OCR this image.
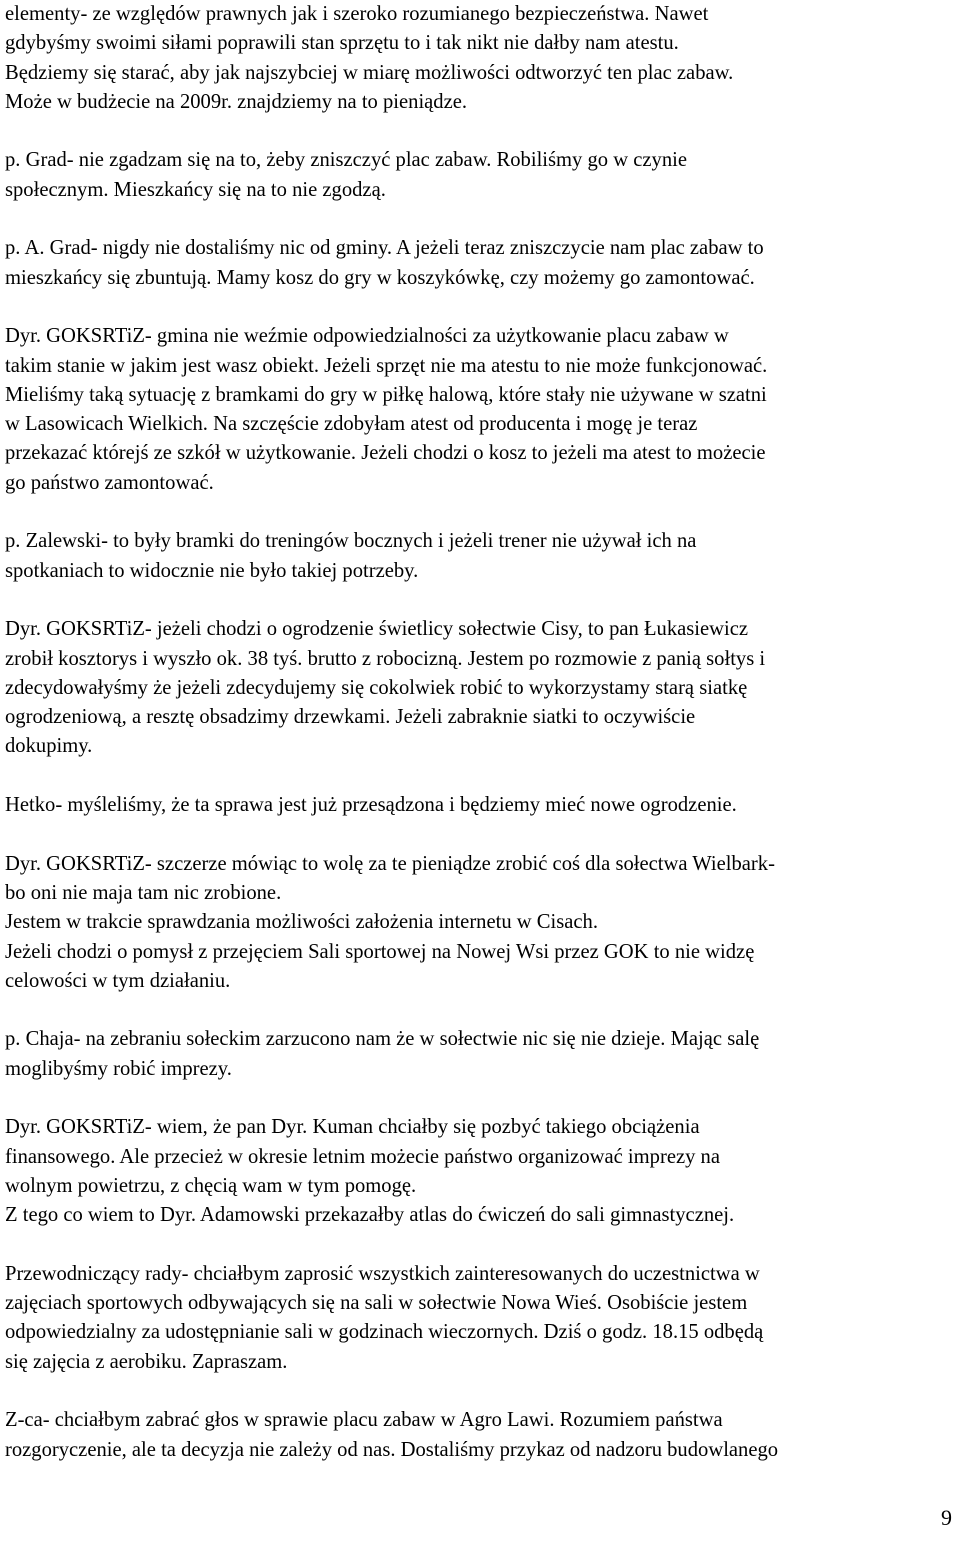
elementy- ze względów prawnych jak i szeroko rozumianego bezpieczeństwa. Nawet
gdybyśmy swoimi siłami poprawili stan sprzętu to i tak nikt nie dałby nam atestu.
Będziemy się starać, aby jak najszybciej w miarę możliwości odtworzyć ten plac zabaw.
Może w budżecie na 2009r. znajdziemy na to pieniądze.
p. Grad- nie zgadzam się na to, żeby zniszczyć plac zabaw. Robiliśmy go w czynie
społecznym. Mieszkańcy się na to nie zgodzą.
p. A. Grad- nigdy nie dostaliśmy nic od gminy. A jeżeli teraz zniszczycie nam plac zabaw to
mieszkańcy się zbuntują. Mamy kosz do gry w koszykówkę, czy możemy go zamontować.
Dyr. GOKSRTiZ- gmina nie weźmie odpowiedzialności za użytkowanie placu zabaw w
takim stanie w jakim jest wasz obiekt. Jeżeli sprzęt nie ma atestu to nie może funkcjonować.
Mieliśmy taką sytuację z bramkami do gry w piłkę halową, które stały nie używane w szatni
w Lasowicach Wielkich. Na szczęście zdobyłam atest od producenta i mogę je teraz
przekazać którejś ze szkół w użytkowanie. Jeżeli chodzi o kosz to jeżeli ma atest to możecie
go państwo zamontować.
p. Zalewski- to były bramki do treningów bocznych i jeżeli trener nie używał ich na
spotkaniach to widocznie nie było takiej potrzeby.
Dyr. GOKSRTiZ- jeżeli chodzi o ogrodzenie świetlicy sołectwie Cisy, to pan Łukasiewicz
zrobił kosztorys i wyszło ok. 38 tyś. brutto z robocizną. Jestem po rozmowie z panią sołtys i
zdecydowałyśmy że jeżeli zdecydujemy się cokolwiek robić to wykorzystamy starą siatkę
ogrodzeniową, a resztę obsadzimy drzewkami. Jeżeli zabraknie siatki to oczywiście
dokupimy.
Hetko- myśleliśmy, że ta sprawa jest już przesądzona i będziemy mieć nowe ogrodzenie.
Dyr. GOKSRTiZ- szczerze mówiąc to wolę za te pieniądze zrobić coś dla sołectwa Wielbark-
bo oni nie maja tam nic zrobione.
Jestem w trakcie sprawdzania możliwości założenia internetu w Cisach.
Jeżeli chodzi o pomysł z przejęciem Sali sportowej na Nowej Wsi przez GOK to nie widzę
celowości w tym działaniu.
p. Chaja- na zebraniu sołeckim zarzucono nam że w sołectwie nic się nie dzieje. Mając salę
moglibyśmy robić imprezy.
Dyr. GOKSRTiZ- wiem, że pan Dyr. Kuman chciałby się pozbyć takiego obciążenia
finansowego. Ale przecież w okresie letnim możecie państwo organizować imprezy na
wolnym powietrzu, z chęcią wam w tym pomogę.
Z tego co wiem to Dyr. Adamowski przekazałby atlas do ćwiczeń do sali gimnastycznej.
Przewodniczący rady- chciałbym zaprosić wszystkich zainteresowanych do uczestnictwa w
zajęciach sportowych odbywających się na sali w sołectwie Nowa Wieś. Osobiście jestem
odpowiedzialny za udostępnianie sali w godzinach wieczornych. Dziś o godz. 18.15 odbędą
się zajęcia z aerobiku. Zapraszam.
Z-ca- chciałbym zabrać głos w sprawie placu zabaw w Agro Lawi. Rozumiem państwa
rozgoryczenie, ale ta decyzja nie zależy od nas. Dostaliśmy przykaz od nadzoru budowlanego
9
